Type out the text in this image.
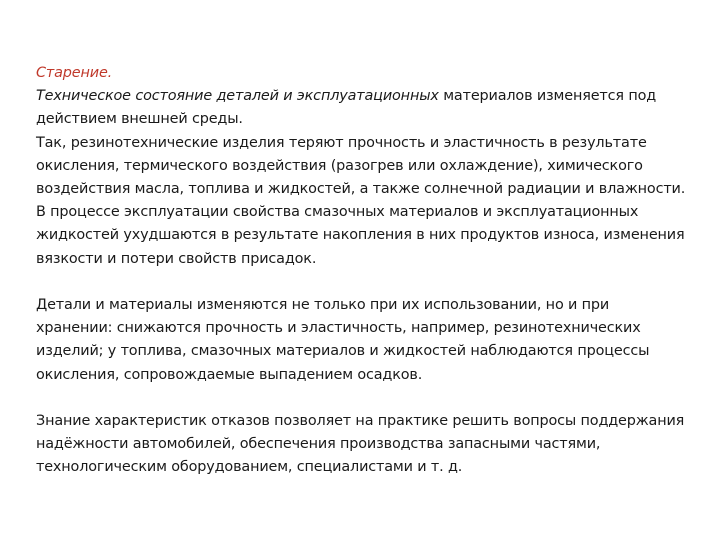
Старение.

Техническое состояние деталей и эксплуатационных материалов изменяется под действием внешней среды.

Так, резинотехнические изделия теряют прочность и эластичность в результате окисления, термического воздействия (разогрев или охлаждение), химического воздействия масла, топлива и жидкостей, а также солнечной радиации и влажности.

В процессе эксплуатации свойства смазочных материалов и эксплуатационных жидкостей ухудшаются в результате накопления в них продуктов износа, изменения вязкости и потери свойств присадок.

Детали и материалы изменяются не только при их использовании, но и при хранении: снижаются прочность и эластичность, например, резинотехнических изделий; у топлива, смазочных материалов и жидкостей наблюдаются процессы окисления, сопровождаемые выпадением осадков.

Знание характеристик отказов позволяет на практике решить вопросы поддержания надёжности автомобилей, обеспечения производства запасными частями, технологическим оборудованием, специалистами и т. д.
